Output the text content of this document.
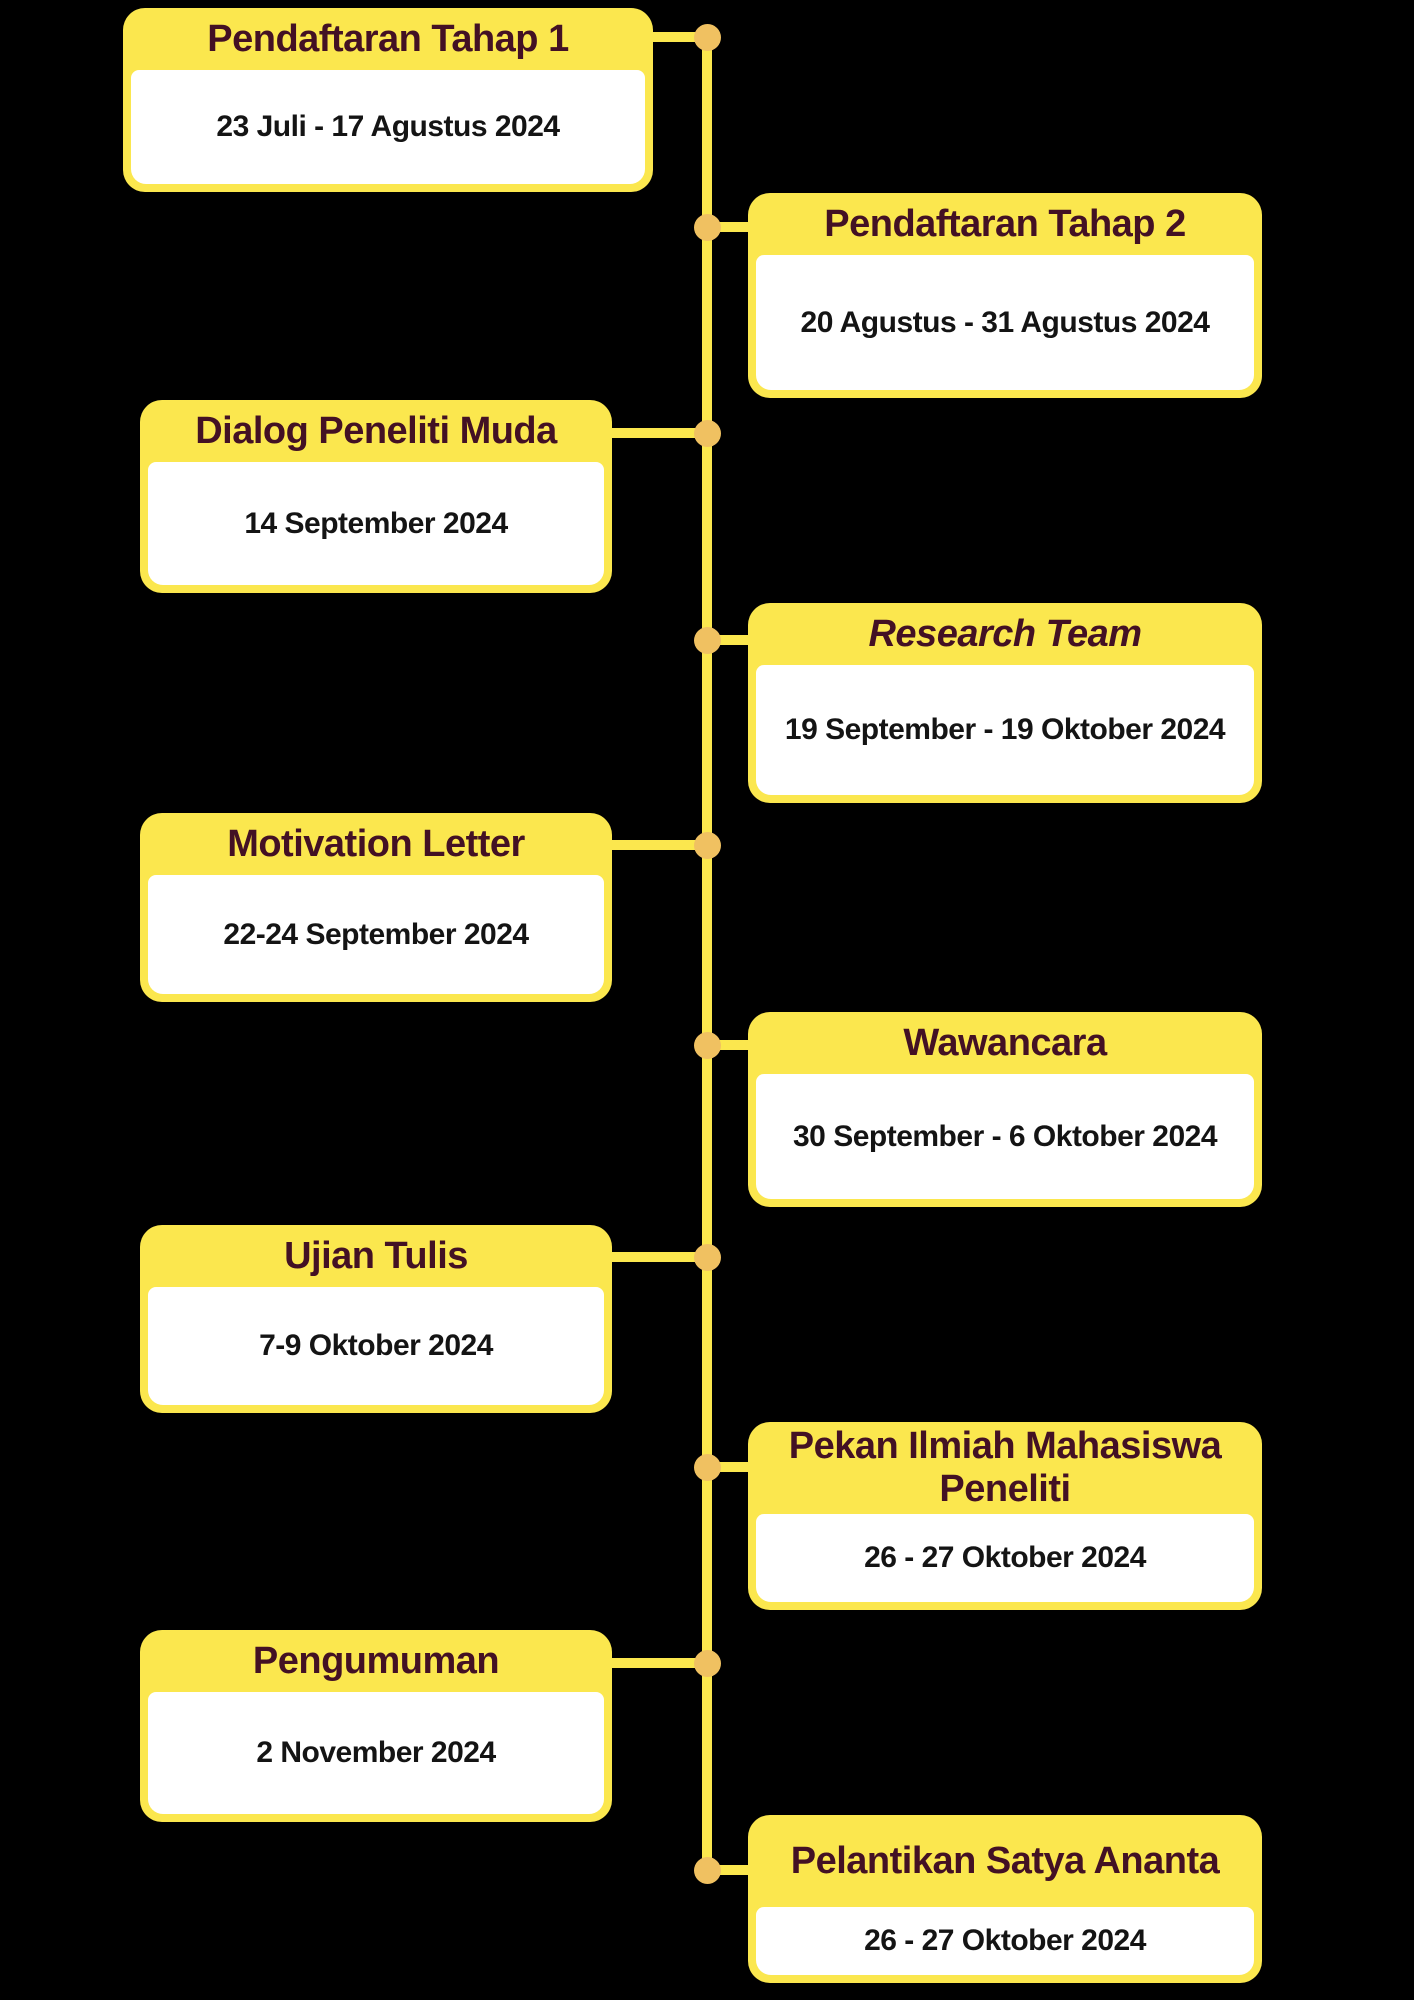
Pendaftaran Tahap 1
23 Juli - 17 Agustus 2024
Pendaftaran Tahap 2
20 Agustus - 31 Agustus 2024
Dialog Peneliti Muda
14 September 2024
Research Team
19 September - 19 Oktober 2024
Motivation Letter
22-24 September 2024
Wawancara
30 September - 6 Oktober 2024
Ujian Tulis
7-9 Oktober 2024
Pekan Ilmiah Mahasiswa Peneliti
26 - 27 Oktober 2024
Pengumuman
2 November 2024
Pelantikan Satya Ananta
26 - 27 Oktober 2024
